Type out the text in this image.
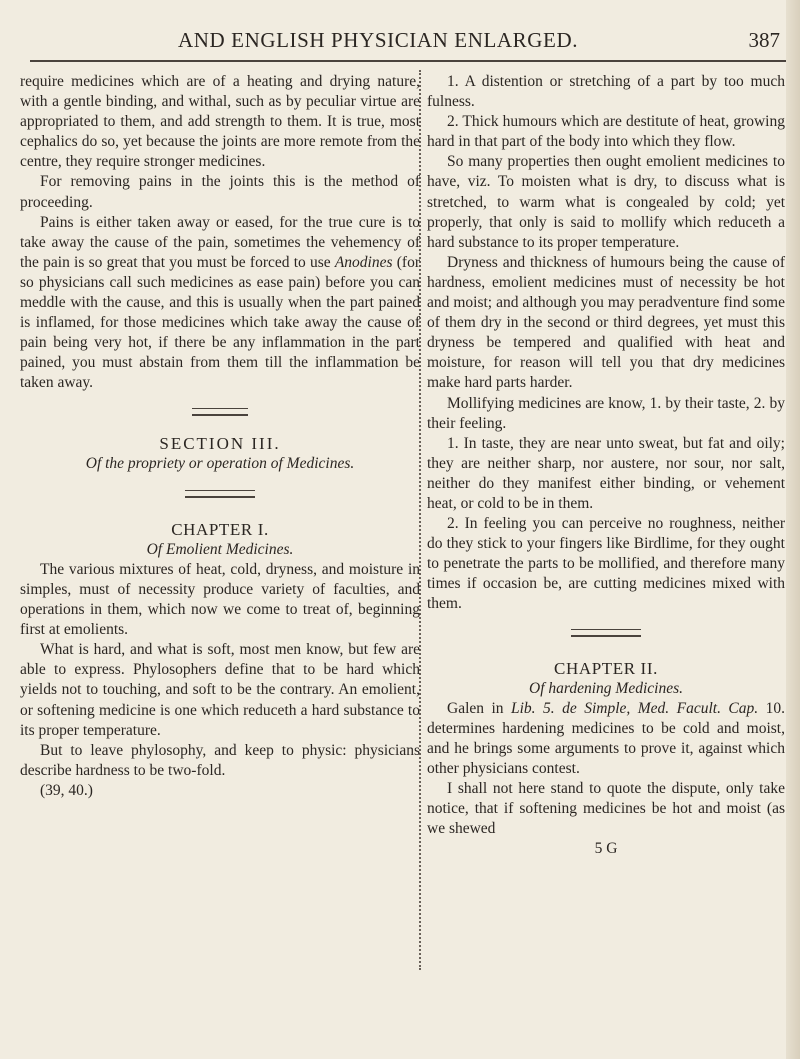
AND ENGLISH PHYSICIAN ENLARGED.	387

require medicines which are of a heating and drying nature, with a gentle binding, and withal, such as by peculiar virtue are appropriated to them, and add strength to them. It is true, most cephalics do so, yet because the joints are more remote from the centre, they require stronger medicines.

For removing pains in the joints this is the method of proceeding.

Pains is either taken away or eased, for the true cure is to take away the cause of the pain, sometimes the vehemency of the pain is so great that you must be forced to use Anodines (for so physicians call such medicines as ease pain) before you can meddle with the cause, and this is usually when the part pained is inflamed, for those medicines which take away the cause of pain being very hot, if there be any inflammation in the part pained, you must abstain from them till the inflammation be taken away.

SECTION III.

Of the propriety or operation of Medicines.

CHAPTER I.

Of Emolient Medicines.

The various mixtures of heat, cold, dryness, and moisture in simples, must of necessity produce variety of faculties, and operations in them, which now we come to treat of, beginning first at emolients.

What is hard, and what is soft, most men know, but few are able to express. Phylosophers define that to be hard which yields not to touching, and soft to be the contrary. An emolient, or softening medicine is one which reduceth a hard substance to its proper temperature.

But to leave phylosophy, and keep to physic: physicians describe hardness to be two-fold.

(39, 40.)

1. A distention or stretching of a part by too much fulness.

2. Thick humours which are destitute of heat, growing hard in that part of the body into which they flow.

So many properties then ought emolient medicines to have, viz. To moisten what is dry, to discuss what is stretched, to warm what is congealed by cold; yet properly, that only is said to mollify which reduceth a hard substance to its proper temperature.

Dryness and thickness of humours being the cause of hardness, emolient medicines must of necessity be hot and moist; and although you may peradventure find some of them dry in the second or third degrees, yet must this dryness be tempered and qualified with heat and moisture, for reason will tell you that dry medicines make hard parts harder.

Mollifying medicines are know, 1. by their taste, 2. by their feeling.

1. In taste, they are near unto sweat, but fat and oily; they are neither sharp, nor austere, nor sour, nor salt, neither do they manifest either binding, or vehement heat, or cold to be in them.

2. In feeling you can perceive no roughness, neither do they stick to your fingers like Birdlime, for they ought to penetrate the parts to be mollified, and therefore many times if occasion be, are cutting medicines mixed with them.

CHAPTER II.

Of hardening Medicines.

Galen in Lib. 5. de Simple, Med. Facult. Cap. 10. determines hardening medicines to be cold and moist, and he brings some arguments to prove it, against which other physicians contest.

I shall not here stand to quote the dispute, only take notice, that if softening medicines be hot and moist (as we shewed

5 G
